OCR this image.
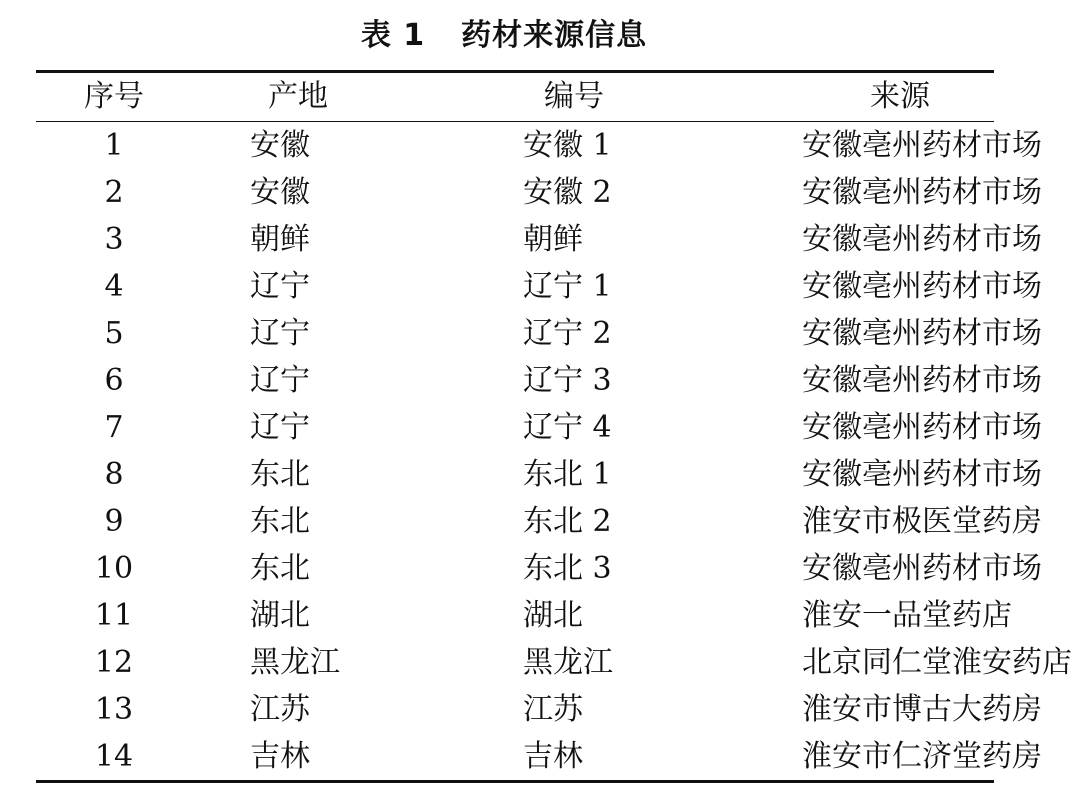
表 1 药材来源信息
序号	产地	编号	来源
1	安徽	安徽 1	安徽亳州药材市场
2	安徽	安徽 2	安徽亳州药材市场
3	朝鲜	朝鲜	安徽亳州药材市场
4	辽宁	辽宁 1	安徽亳州药材市场
5	辽宁	辽宁 2	安徽亳州药材市场
6	辽宁	辽宁 3	安徽亳州药材市场
7	辽宁	辽宁 4	安徽亳州药材市场
8	东北	东北 1	安徽亳州药材市场
9	东北	东北 2	淮安市极医堂药房
10	东北	东北 3	安徽亳州药材市场
11	湖北	湖北	淮安一品堂药店
12	黑龙江	黑龙江	北京同仁堂淮安药店
13	江苏	江苏	淮安市博古大药房
14	吉林	吉林	淮安市仁济堂药房
